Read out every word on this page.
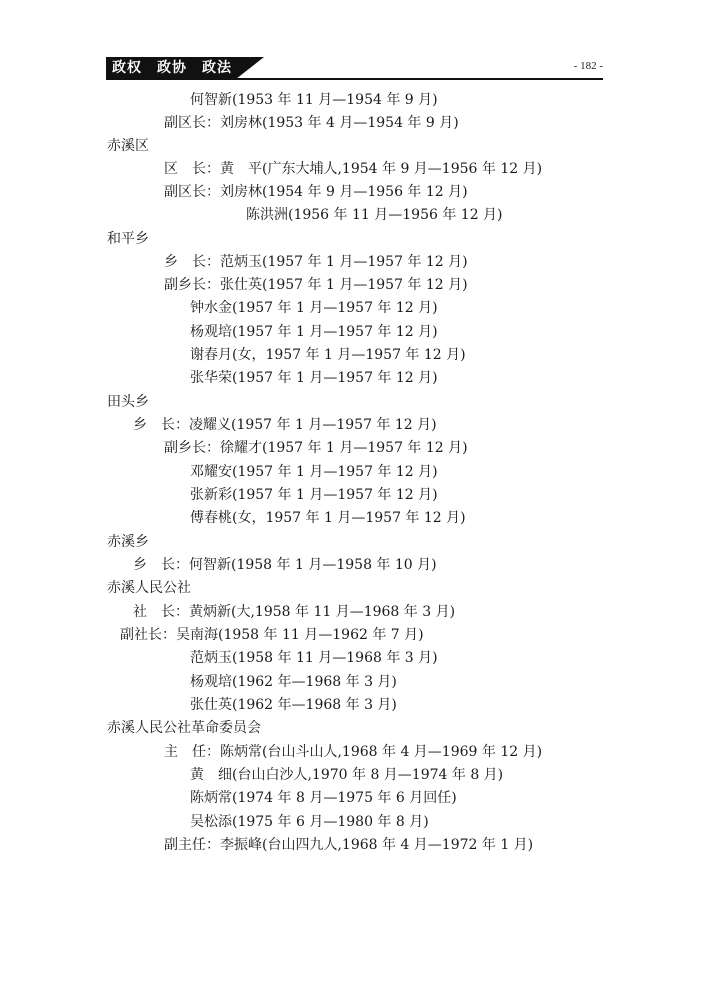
政权　政协　政法	- 182 -
何智新(1953 年 11 月—1954 年 9 月)
副区长：刘房林(1953 年 4 月—1954 年 9 月)
赤溪区
区　长：黄　平(广东大埔人,1954 年 9 月—1956 年 12 月)
副区长：刘房林(1954 年 9 月—1956 年 12 月)
陈洪洲(1956 年 11 月—1956 年 12 月)
和平乡
乡　长：范炳玉(1957 年 1 月—1957 年 12 月)
副乡长：张仕英(1957 年 1 月—1957 年 12 月)
钟水金(1957 年 1 月—1957 年 12 月)
杨观培(1957 年 1 月—1957 年 12 月)
谢春月(女，1957 年 1 月—1957 年 12 月)
张华荣(1957 年 1 月—1957 年 12 月)
田头乡
乡　长：凌耀义(1957 年 1 月—1957 年 12 月)
副乡长：徐耀才(1957 年 1 月—1957 年 12 月)
邓耀安(1957 年 1 月—1957 年 12 月)
张新彩(1957 年 1 月—1957 年 12 月)
傅春桃(女，1957 年 1 月—1957 年 12 月)
赤溪乡
乡　长：何智新(1958 年 1 月—1958 年 10 月)
赤溪人民公社
社　长：黄炳新(大,1958 年 11 月—1968 年 3 月)
副社长：吴南海(1958 年 11 月—1962 年 7 月)
范炳玉(1958 年 11 月—1968 年 3 月)
杨观培(1962 年—1968 年 3 月)
张仕英(1962 年—1968 年 3 月)
赤溪人民公社革命委员会
主　任：陈炳常(台山斗山人,1968 年 4 月—1969 年 12 月)
黄　细(台山白沙人,1970 年 8 月—1974 年 8 月)
陈炳常(1974 年 8 月—1975 年 6 月回任)
吴松添(1975 年 6 月—1980 年 8 月)
副主任：李振峰(台山四九人,1968 年 4 月—1972 年 1 月)
